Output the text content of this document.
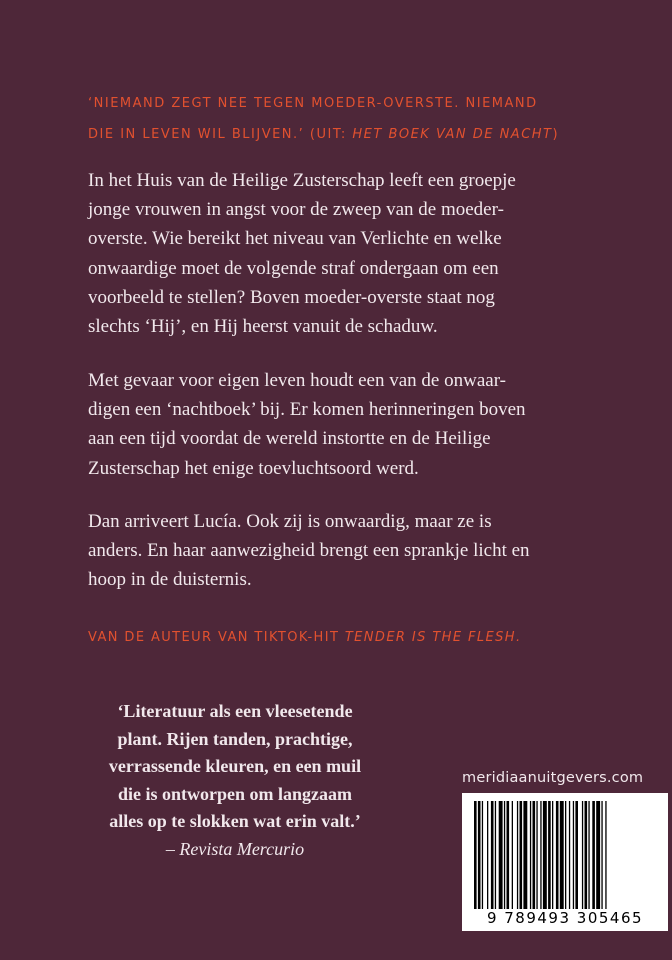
‘NIEMAND ZEGT NEE TEGEN MOEDER-OVERSTE. NIEMAND
DIE IN LEVEN WIL BLIJVEN.’ (UIT: HET BOEK VAN DE NACHT)
In het Huis van de Heilige Zusterschap leeft een groepje
jonge vrouwen in angst voor de zweep van de moeder-
overste. Wie bereikt het niveau van Verlichte en welke
onwaardige moet de volgende straf ondergaan om een
voorbeeld te stellen? Boven moeder-overste staat nog
slechts ‘Hij’, en Hij heerst vanuit de schaduw.
Met gevaar voor eigen leven houdt een van de onwaar-
digen een ‘nachtboek’ bij. Er komen herinneringen boven
aan een tijd voordat de wereld instortte en de Heilige
Zusterschap het enige toevluchtsoord werd.
Dan arriveert Lucía. Ook zij is onwaardig, maar ze is
anders. En haar aanwezigheid brengt een sprankje licht en
hoop in de duisternis.
VAN DE AUTEUR VAN TIKTOK-HIT TENDER IS THE FLESH.
‘Literatuur als een vleesetende
plant. Rijen tanden, prachtige,
verrassende kleuren, en een muil
die is ontworpen om langzaam
alles op te slokken wat erin valt.’
– Revista Mercurio
meridiaanuitgevers.com
9 789493 305465
